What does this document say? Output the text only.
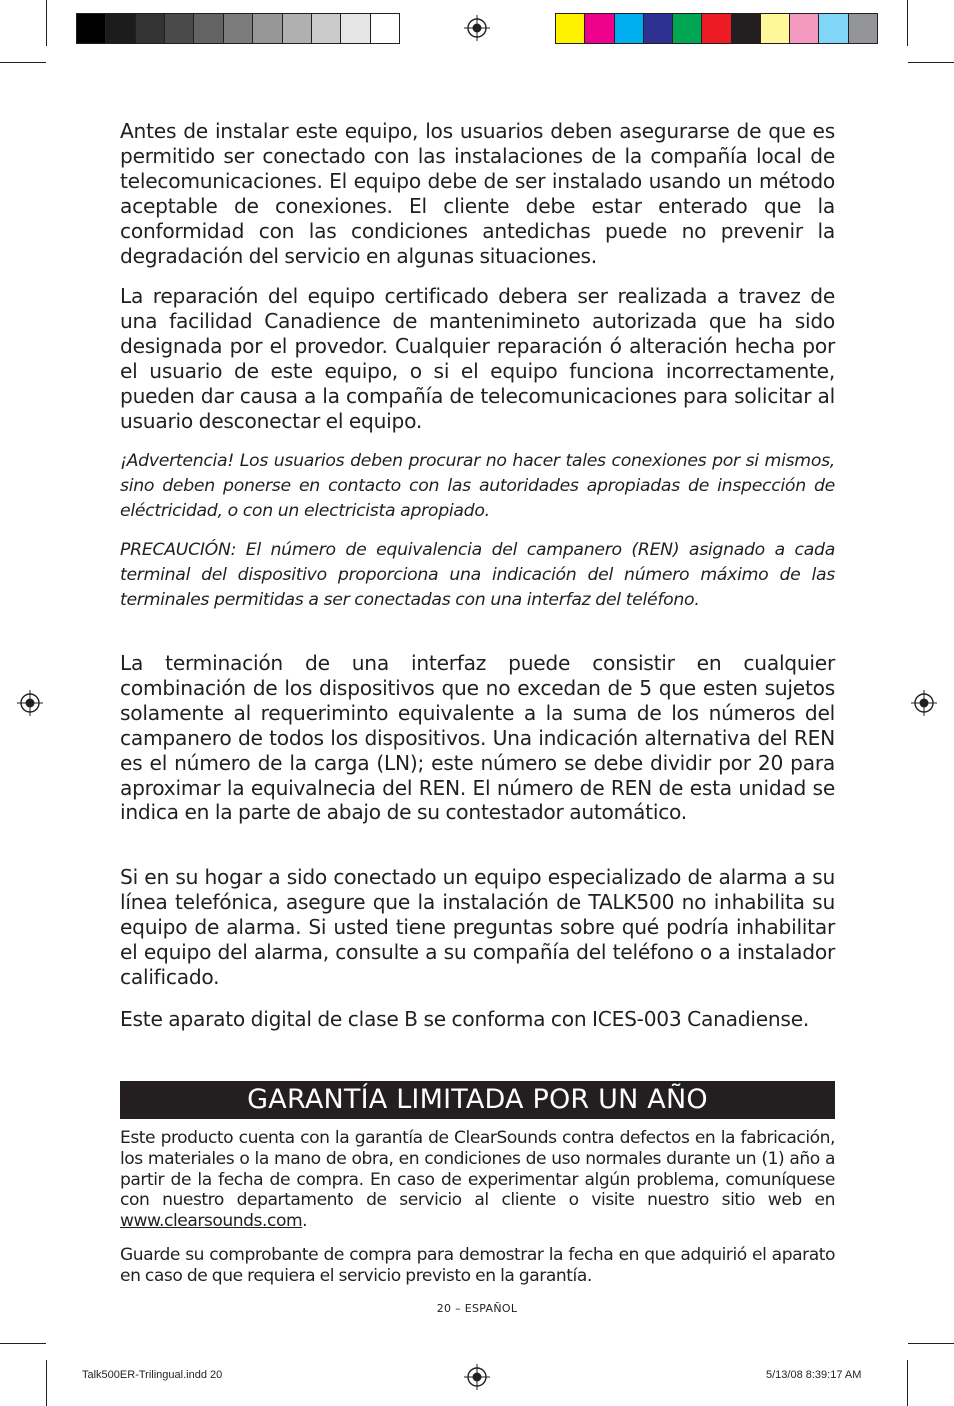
Antes de instalar este equipo, los usuarios deben asegurarse de que es permitido ser conectado con las instalaciones de la compañía local de telecomunicaciones. El equipo debe de ser instalado usando un método aceptable de conexiones. El cliente debe estar enterado que la conformidad con las condiciones antedichas puede no prevenir la degradación del servicio en algunas situaciones.

La reparación del equipo certificado debera ser realizada a travez de una facilidad Canadience de mantenimineto autorizada que ha sido designada por el provedor. Cualquier reparación ó alteración hecha por el usuario de este equipo, o si el equipo funciona incorrectamente, pueden dar causa a la compañía de telecomunicaciones para solicitar al usuario desconectar el equipo.

¡Advertencia! Los usuarios deben procurar no hacer tales conexiones por si mismos, sino deben ponerse en contacto con las autoridades apropiadas de inspección de eléctricidad, o con un electricista apropiado.

PRECAUCIÓN: El número de equivalencia del campanero (REN) asignado a cada terminal del dispositivo proporciona una indicación del número máximo de las terminales permitidas a ser conectadas con una interfaz del teléfono.

La terminación de una interfaz puede consistir en cualquier combinación de los dispositivos que no excedan de 5 que esten sujetos solamente al requerimintо equivalente a la suma de los números del campanero de todos los dispositivos. Una indicación alternativa del REN es el número de la carga (LN); este número se debe dividir por 20 para aproximar la equivalnecia del REN. El número de REN de esta unidad se indica en la parte de abajo de su contestador automático.

Si en su hogar a sido conectado un equipo especializado de alarma a su línea telefónica, asegure que la instalación de TALK500 no inhabilita su equipo de alarma. Si usted tiene preguntas sobre qué podría inhabilitar el equipo del alarma, consulte a su compañía del teléfono o a instalador calificado.

Este aparato digital de clase B se conforma con ICES-003 Canadiense.

GARANTÍA LIMITADA POR UN AÑO

Este producto cuenta con la garantía de ClearSounds contra defectos en la fabricación, los materiales o la mano de obra, en condiciones de uso normales durante un (1) año a partir de la fecha de compra. En caso de experimentar algún problema, comuníquese con nuestro departamento de servicio al cliente o visite nuestro sitio web en www.clearsounds.com.

Guarde su comprobante de compra para demostrar la fecha en que adquirió el aparato en caso de que requiera el servicio previsto en la garantía.

20 – ESPAÑOL
Talk500ER-Trilingual.indd 20	5/13/08 8:39:17 AM
